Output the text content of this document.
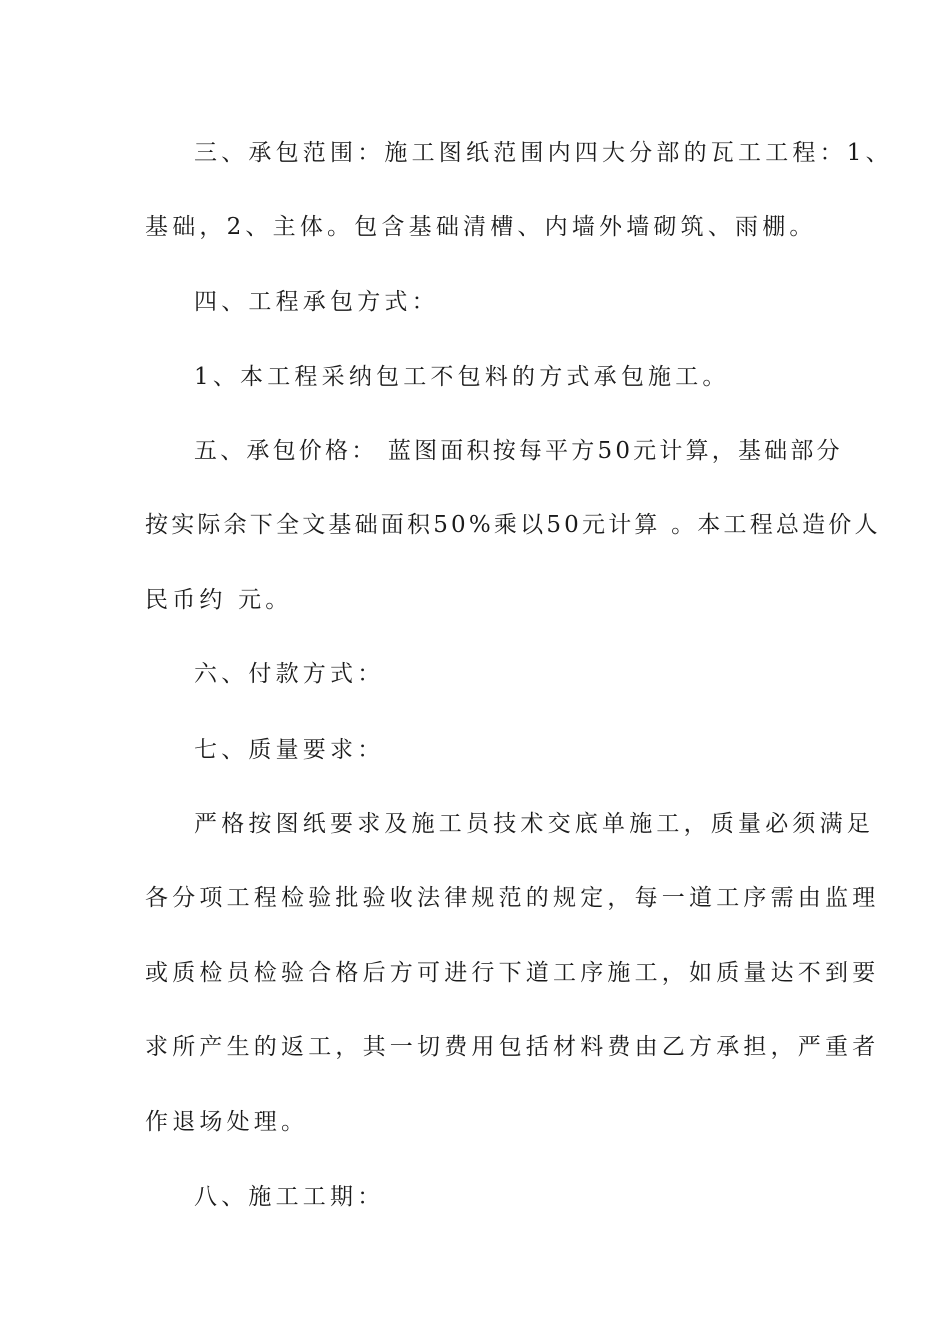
三、承包范围：施工图纸范围内四大分部的瓦工工程：1、
基础，2、主体。包含基础清槽、内墙外墙砌筑、雨棚。
四、工程承包方式：
1、本工程采纳包工不包料的方式承包施工。
五、承包价格： 蓝图面积按每平方50元计算，基础部分
按实际余下全文基础面积50%乘以50元计算 。本工程总造价人
民币约 元。
六、付款方式：
七、质量要求：
严格按图纸要求及施工员技术交底单施工，质量必须满足
各分项工程检验批验收法律规范的规定，每一道工序需由监理
或质检员检验合格后方可进行下道工序施工，如质量达不到要
求所产生的返工，其一切费用包括材料费由乙方承担，严重者
作退场处理。
八、施工工期：
